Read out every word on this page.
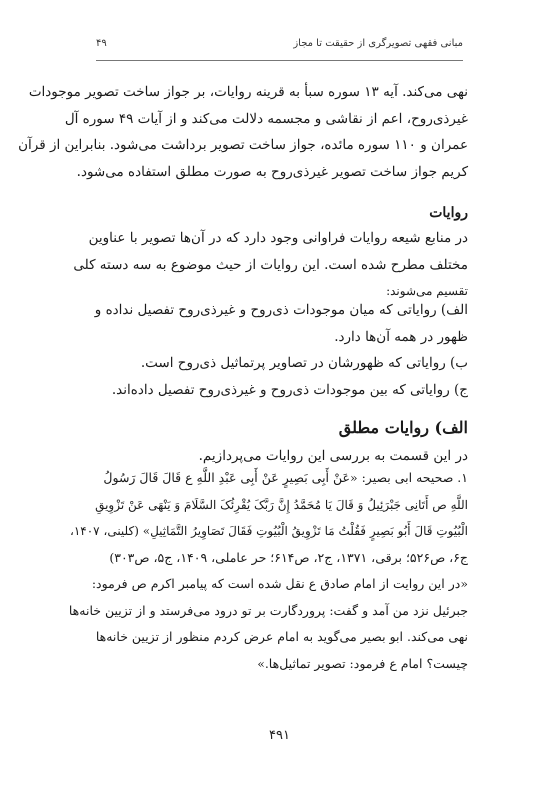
مبانی فقهی تصویرگری از حقیقت تا مجاز
۴۹
نهی می‌کند. آیه ۱۳ سوره سبأ به قرینه روایات، بر جواز ساخت تصویر موجودات
غیرذی‌روح، اعم از نقاشی و مجسمه دلالت می‌کند و از آیات ۴۹ سوره آل
عمران و ۱۱۰ سوره مائده، جواز ساخت تصویر برداشت می‌شود. بنابراین از قرآن
کریم جواز ساخت تصویر غیرذی‌روح به صورت مطلق استفاده می‌شود.
روایات
در منابع شیعه روایات فراوانی وجود دارد که در آن‌ها تصویر با عناوین
مختلف مطرح شده است. این روایات از حیث موضوع به سه دسته کلی
تقسیم می‌شوند:
الف) روایاتی که میان موجودات ذی‌روح و غیرذی‌روح تفصیل نداده و
ظهور در همه آن‌ها دارد.
ب) روایاتی که ظهورشان در تصاویر پرتماثیل ذی‌روح است.
ج) روایاتی که بین موجودات ذی‌روح و غیرذی‌روح تفصیل داده‌اند.
الف) روایات مطلق
در این قسمت به بررسی این روایات می‌پردازیم.
۱. صحیحه ابی بصیر: «عَنْ أَبِی بَصِیرٍ عَنْ أَبِی عَبْدِ اللَّهِ ع قَالَ قَالَ رَسُولُ
اللَّهِ ص أَتَانِی جَبْرَئِیلُ وَ قَالَ یَا مُحَمَّدُ إِنَّ رَبَّکَ یُقْرِئُکَ السَّلَامَ وَ یَنْهَی عَنْ تَزْوِیقِ
الْبُیُوتِ قَالَ أَبُو بَصِیرٍ فَقُلْتُ مَا تَزْوِیقُ الْبُیُوتِ فَقَالَ تَصَاوِیرُ التَّمَاثِیلِ» (کلینی، ۱۴۰۷،
ج۶، ص۵۲۶؛ برقی، ۱۳۷۱، ج۲، ص۶۱۴؛ حر عاملی، ۱۴۰۹، ج۵، ص۳۰۳)
«در این روایت از امام صادق ع نقل شده است که پیامبر اکرم ص فرمود:
جبرئیل نزد من آمد و گفت: پروردگارت بر تو درود می‌فرستد و از تزیین خانه‌ها
نهی می‌کند. ابو بصیر می‌گوید به امام عرض کردم منظور از تزیین خانه‌ها
چیست؟ امام ع فرمود: تصویر تماثیل‌ها.»
۴۹۱
